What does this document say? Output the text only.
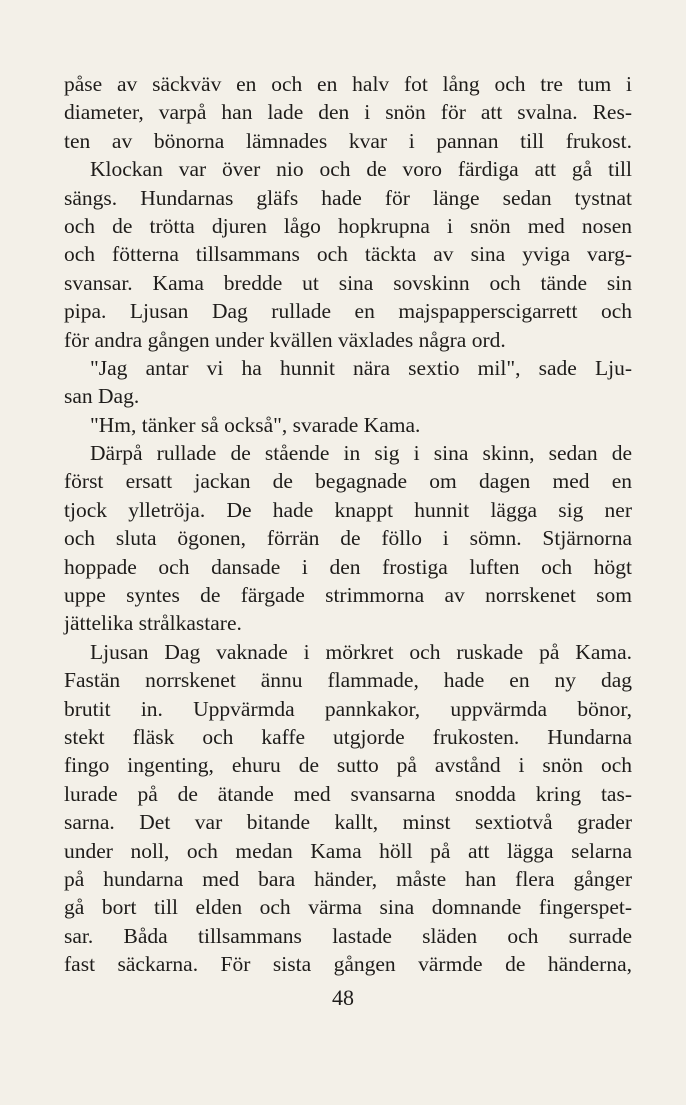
påse av säckväv en och en halv fot lång och tre tum i
diameter, varpå han lade den i snön för att svalna. Res-
ten av bönorna lämnades kvar i pannan till frukost.
Klockan var över nio och de voro färdiga att gå till
sängs. Hundarnas gläfs hade för länge sedan tystnat
och de trötta djuren lågo hopkrupna i snön med nosen
och fötterna tillsammans och täckta av sina yviga varg-
svansar. Kama bredde ut sina sovskinn och tände sin
pipa. Ljusan Dag rullade en majspapperscigarrett och
för andra gången under kvällen växlades några ord.
"Jag antar vi ha hunnit nära sextio mil", sade Lju-
san Dag.
"Hm, tänker så också", svarade Kama.
Därpå rullade de stående in sig i sina skinn, sedan de
först ersatt jackan de begagnade om dagen med en
tjock ylletröja. De hade knappt hunnit lägga sig ner
och sluta ögonen, förrän de föllo i sömn. Stjärnorna
hoppade och dansade i den frostiga luften och högt
uppe syntes de färgade strimmorna av norrskenet som
jättelika strålkastare.
Ljusan Dag vaknade i mörkret och ruskade på Kama.
Fastän norrskenet ännu flammade, hade en ny dag
brutit in. Uppvärmda pannkakor, uppvärmda bönor,
stekt fläsk och kaffe utgjorde frukosten. Hundarna
fingo ingenting, ehuru de sutto på avstånd i snön och
lurade på de ätande med svansarna snodda kring tas-
sarna. Det var bitande kallt, minst sextiotvå grader
under noll, och medan Kama höll på att lägga selarna
på hundarna med bara händer, måste han flera gånger
gå bort till elden och värma sina domnande fingerspet-
sar. Båda tillsammans lastade släden och surrade
fast säckarna. För sista gången värmde de händerna,
48
